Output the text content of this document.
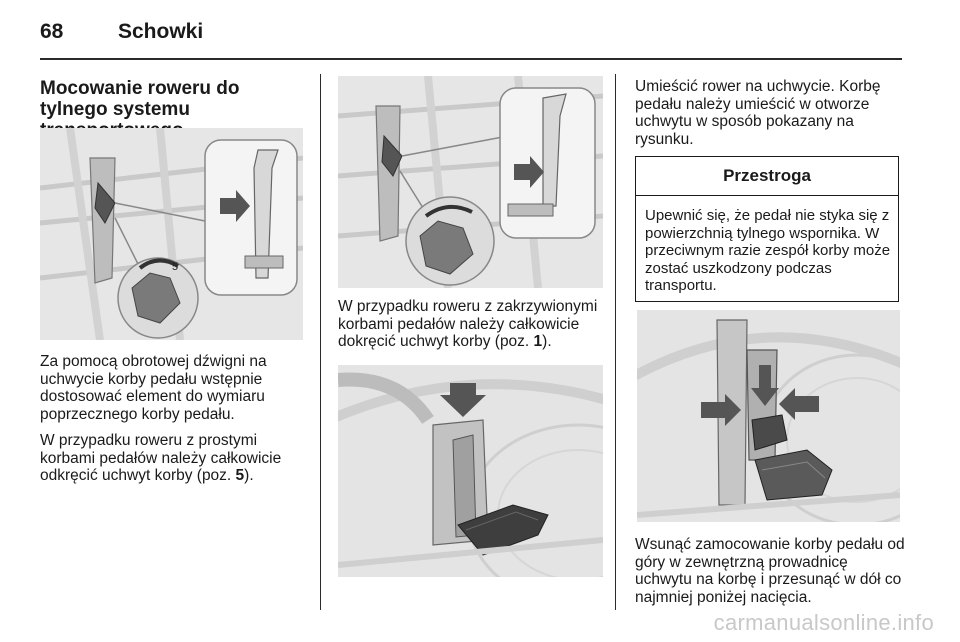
68	Schowki
Mocowanie roweru do tylnego systemu
5

Za pomocą obrotowej dźwigni na uchwycie korby pedału wstępnie dostosować element do wymiaru poprzecznego korby pedału.

W przypadku roweru z prostymi korbami pedałów należy całkowicie odkręcić uchwyt korby (poz. 5).

W przypadku roweru z zakrzywionymi korbami pedałów należy całkowicie dokręcić uchwyt korby (poz. 1).

Umieścić rower na uchwycie. Korbę pedału należy umieścić w otworze uchwytu w sposób pokazany na rysunku.

Przestroga
Upewnić się, że pedał nie styka się z powierzchnią tylnego wspornika. W przeciwnym razie zespół korby może zostać uszkodzony podczas transportu.

Wsunąć zamocowanie korby pedału od góry w zewnętrzną prowadnicę uchwytu na korbę i przesunąć w dół co najmniej poniżej nacięcia.

carmanualsonline.info
